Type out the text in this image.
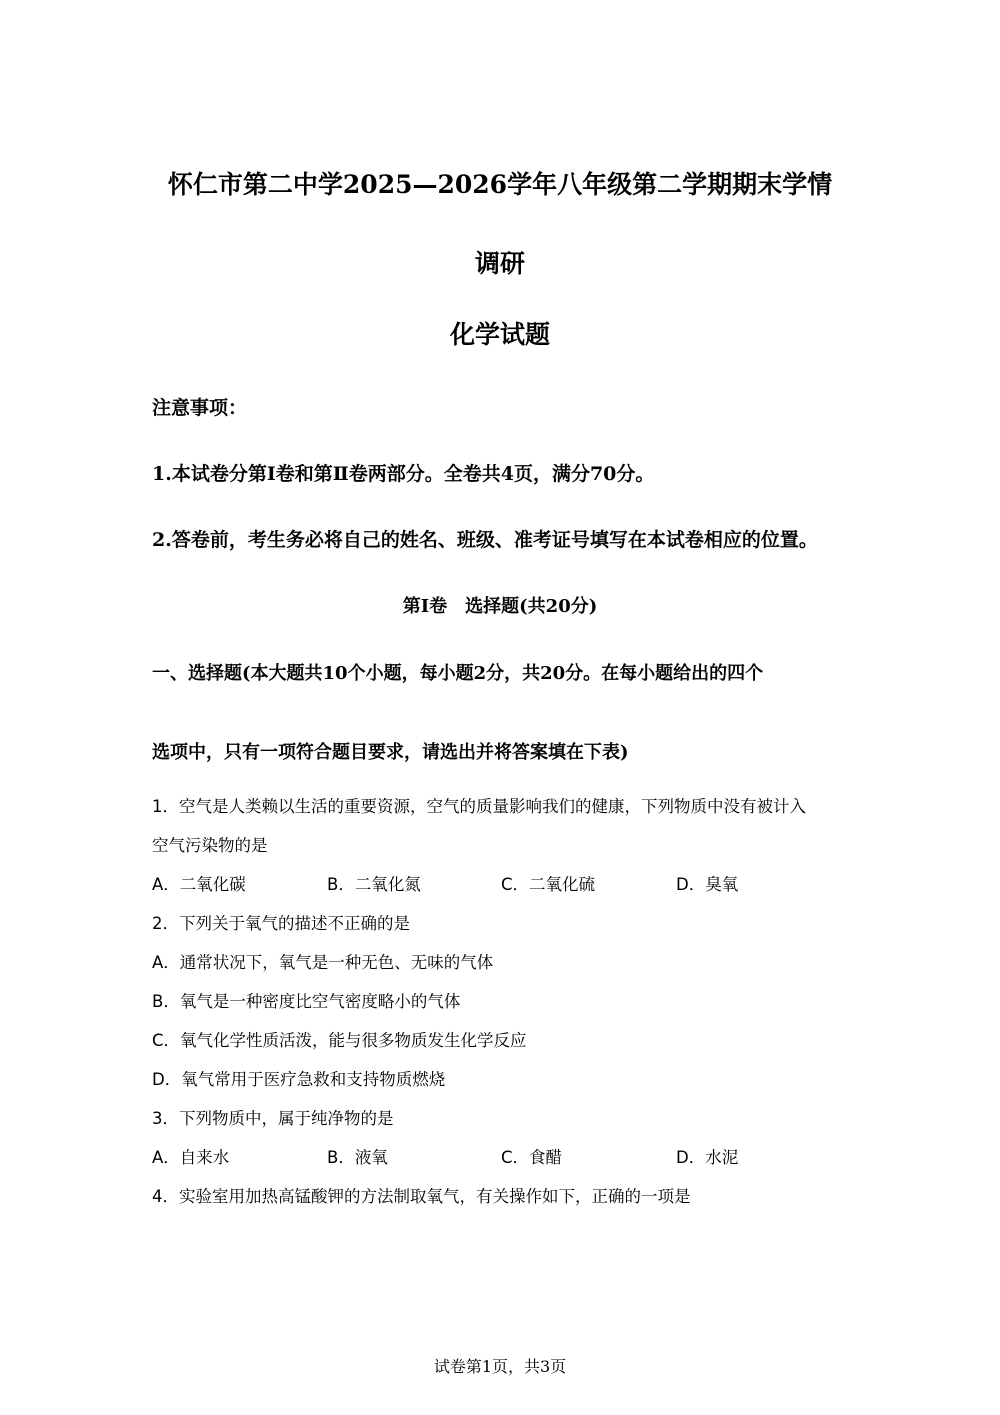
怀仁市第二中学2025—2026学年八年级第二学期期末学情
调研
化学试题
注意事项：
1.本试卷分第Ⅰ卷和第Ⅱ卷两部分。全卷共4页，满分70分。
2.答卷前，考生务必将自己的姓名、班级、准考证号填写在本试卷相应的位置。
第Ⅰ卷　选择题(共20分)
一、选择题(本大题共10个小题，每小题2分，共20分。在每小题给出的四个
选项中，只有一项符合题目要求，请选出并将答案填在下表)
1．空气是人类赖以生活的重要资源，空气的质量影响我们的健康，下列物质中没有被计入
空气污染物的是
A．二氧化碳	B．二氧化氮	C．二氧化硫	D．臭氧
2．下列关于氧气的描述不正确的是
A．通常状况下，氧气是一种无色、无味的气体
B．氧气是一种密度比空气密度略小的气体
C．氧气化学性质活泼，能与很多物质发生化学反应
D．氧气常用于医疗急救和支持物质燃烧
3．下列物质中，属于纯净物的是
A．自来水	B．液氧	C．食醋	D．水泥
4．实验室用加热高锰酸钾的方法制取氧气，有关操作如下，正确的一项是
试卷第1页，共3页
